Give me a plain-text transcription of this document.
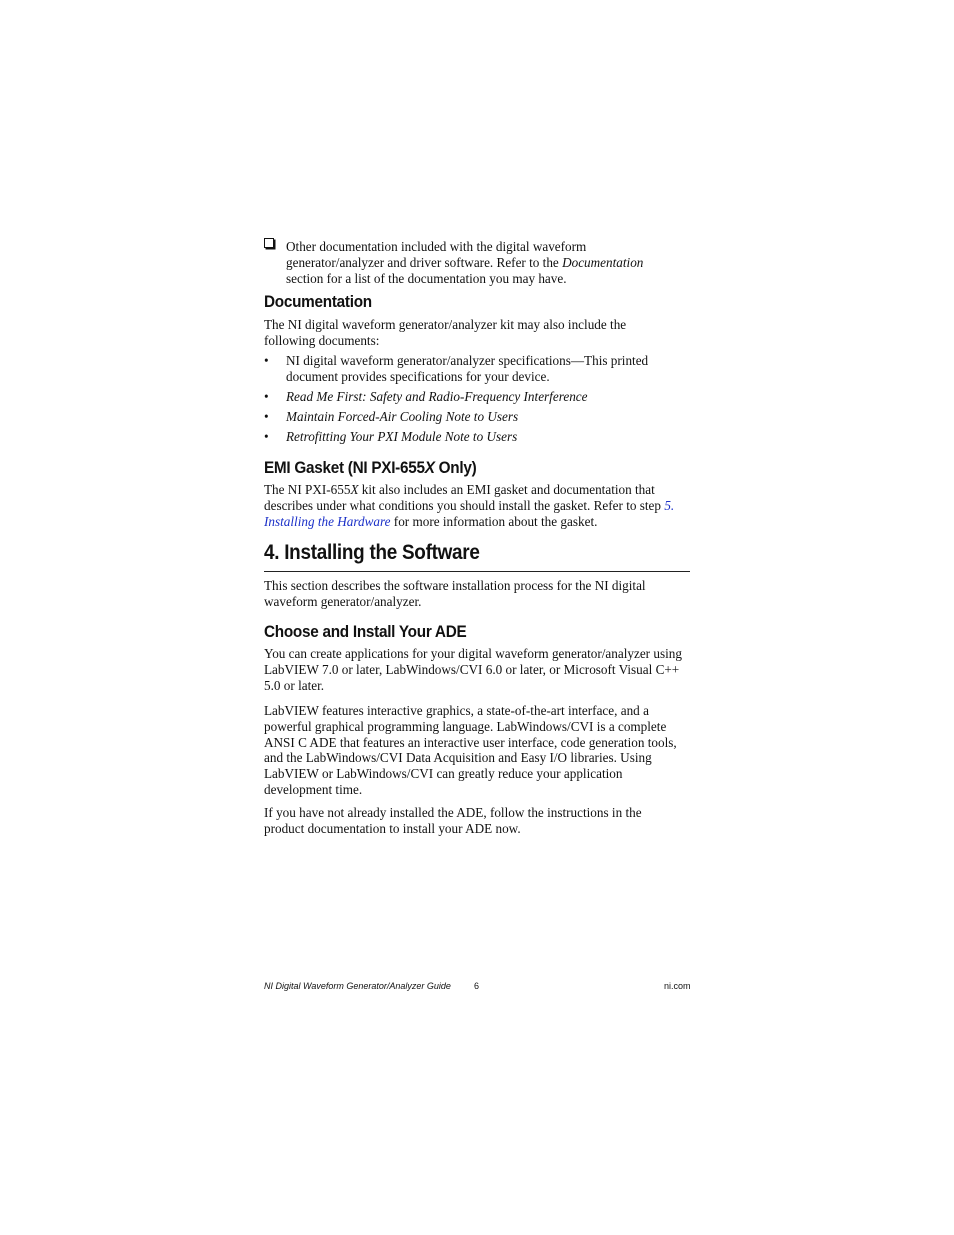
Other documentation included with the digital waveform generator/analyzer and driver software. Refer to the Documentation section for a list of the documentation you may have.

Documentation

The NI digital waveform generator/analyzer kit may also include the following documents:

• NI digital waveform generator/analyzer specifications—This printed document provides specifications for your device.

• Read Me First: Safety and Radio-Frequency Interference

• Maintain Forced-Air Cooling Note to Users

• Retrofitting Your PXI Module Note to Users

EMI Gasket (NI PXI-655X Only)

The NI PXI-655X kit also includes an EMI gasket and documentation that describes under what conditions you should install the gasket. Refer to step 5. Installing the Hardware for more information about the gasket.

4. Installing the Software

This section describes the software installation process for the NI digital waveform generator/analyzer.

Choose and Install Your ADE

You can create applications for your digital waveform generator/analyzer using LabVIEW 7.0 or later, LabWindows/CVI 6.0 or later, or Microsoft Visual C++ 5.0 or later.

LabVIEW features interactive graphics, a state-of-the-art interface, and a powerful graphical programming language. LabWindows/CVI is a complete ANSI C ADE that features an interactive user interface, code generation tools, and the LabWindows/CVI Data Acquisition and Easy I/O libraries. Using LabVIEW or LabWindows/CVI can greatly reduce your application development time.

If you have not already installed the ADE, follow the instructions in the product documentation to install your ADE now.

NI Digital Waveform Generator/Analyzer Guide	6	ni.com
